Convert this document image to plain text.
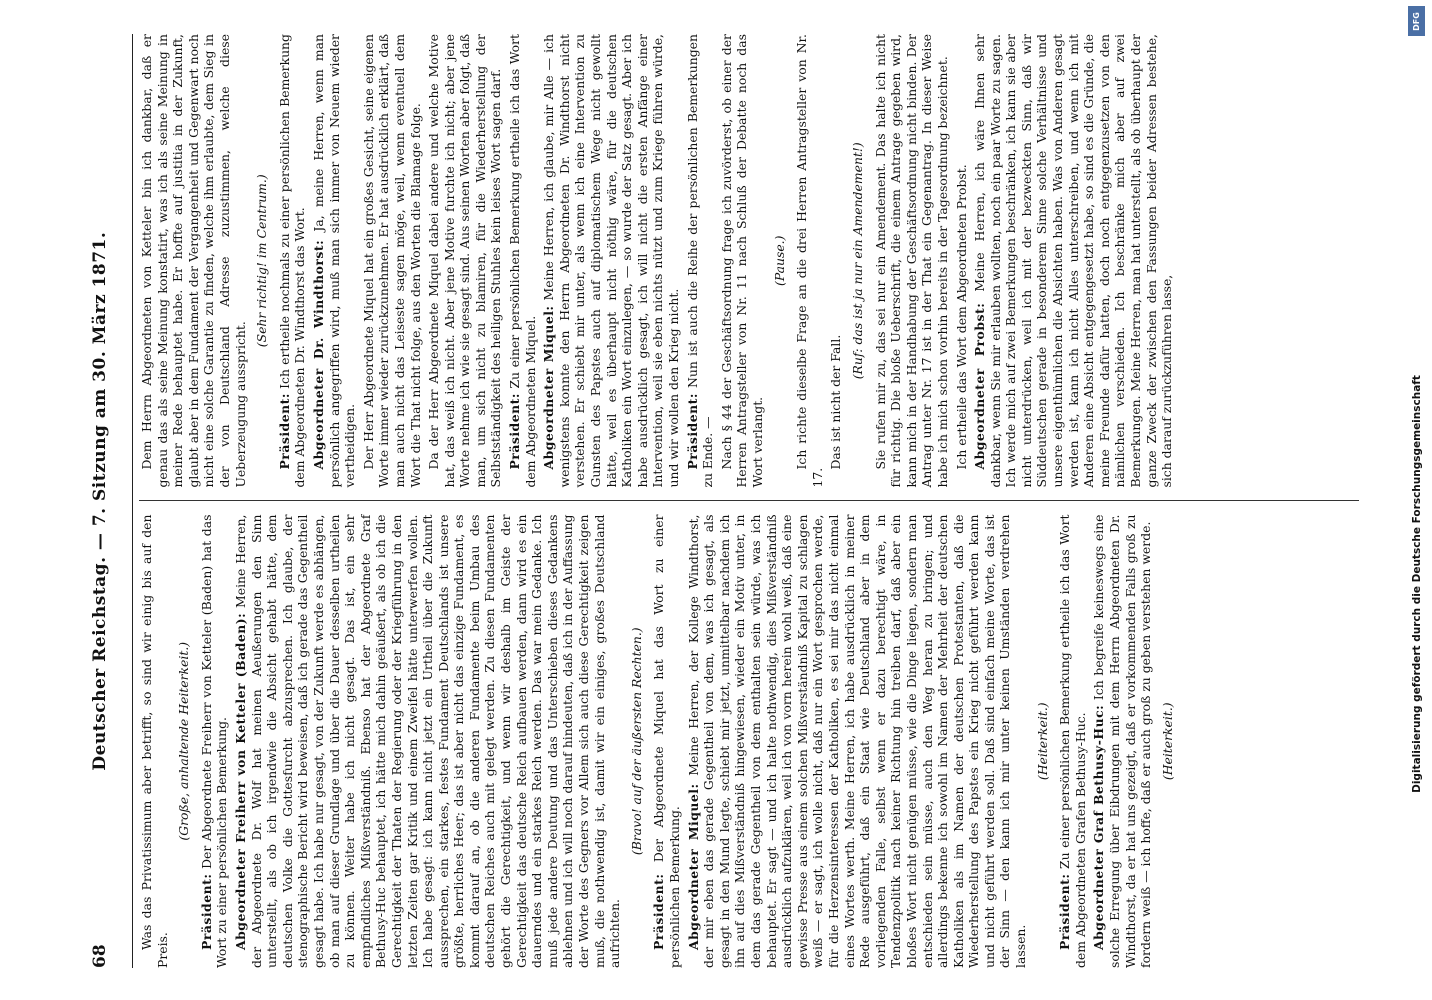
68
Deutscher Reichstag. — 7. Sitzung am 30. März 1871. Was das Privatissimum aber betrifft, so sind wir einig bis auf den Preis.

(Große, anhaltende Heiterkeit.)

Präsident: Der Abgeordnete Freiherr von Ketteler (Baden) hat das Wort zu einer persönlichen Bemerkung. Abgeordneter Freiherr von Ketteler (Baden): Meine Herren, der Abgeordnete Dr. Wolf hat meinen Aeußerungen den Sinn unterstellt, als ob ich irgendwie die Absicht gehabt hätte, dem deutschen Volke die Gottesfurcht abzusprechen. Ich glaube, der stenographische Bericht wird beweisen, daß ich gerade das Gegentheil gesagt habe. Ich habe nur gesagt, von der Zukunft werde es abhängen, ob man auf dieser Grundlage und über die Dauer desselben urtheilen zu können. Weiter habe ich nicht gesagt. Das ist, ein sehr empfindliches Mißverständniß. Ebenso hat der Abgeordnete Graf Bethusy-Huc behauptet, ich hätte mich dahin geäußert, als ob ich die Gerechtigkeit der Thaten der Regierung oder der Kriegführung in den letzten Zeiten gar Kritik und einem Zweifel hätte unterwerfen wollen. Ich habe gesagt: ich kann nicht jetzt ein Urtheil über die Zukunft aussprechen, ein starkes, festes Fundament Deutschlands ist unsere größte, herrliches Heer; das ist aber nicht das einzige Fundament, es kommt darauf an, ob die anderen Fundamente beim Umbau des deutschen Reiches auch mit gelegt werden. Zu diesen Fundamenten gehört die Gerechtigkeit, und wenn wir deshalb im Geiste der Gerechtigkeit das deutsche Reich aufbauen werden, dann wird es ein dauerndes und ein starkes Reich werden. Das war mein Gedanke. Ich muß jede andere Deutung und das Unterschieben dieses Gedankens ablehnen und ich will noch darauf hindeuten, daß ich in der Auffassung der Worte des Gegners vor Allem sich auch diese Gerechtigkeit zeigen muß, die nothwendig ist, damit wir ein einiges, großes Deutschland aufrichten.

(Bravo! auf der äußersten Rechten.)

Präsident: Der Abgeordnete Miquel hat das Wort zu einer persönlichen Bemerkung. Abgeordneter Miquel: Meine Herren, der Kollege Windthorst, der mir eben das gerade Gegentheil von dem, was ich gesagt, als gesagt in den Mund legte, schiebt mir jetzt, unmittelbar nachdem ich ihn auf dies Mißverständniß hingewiesen, wieder ein Motiv unter, in dem das gerade Gegentheil von dem enthalten sein würde, was ich behauptet. Er sagt — und ich halte nothwendig, dies Mißverständniß ausdrücklich aufzuklären, weil ich von vorn herein wohl weiß, daß eine gewisse Presse aus einem solchen Mißverständniß Kapital zu schlagen weiß — er sagt, ich wolle nicht, daß nur ein Wort gesprochen werde, für die Herzensinteressen der Katholiken, es sei mir das nicht einmal eines Wortes werth. Meine Herren, ich habe ausdrücklich in meiner Rede ausgeführt, daß ein Staat wie Deutschland aber in dem vorliegenden Falle, selbst wenn er dazu berechtigt wäre, in Tendenzpolitik nach keiner Richtung hin treiben darf, daß aber ein bloßes Wort nicht genügen müsse, wie die Dinge liegen, sondern man entschieden sein müsse, auch den Weg heran zu bringen; und allerdings bekenne ich sowohl im Namen der Mehrheit der deutschen Katholiken als im Namen der deutschen Protestanten, daß die Wiederherstellung des Papstes ein Krieg nicht geführt werden kann und nicht geführt werden soll. Daß sind einfach meine Worte, das ist der Sinn — den kann ich mir unter keinen Umständen verdrehen lassen.

(Heiterkeit.)

Präsident: Zu einer persönlichen Bemerkung ertheile ich das Wort dem Abgeordneten Grafen Bethusy-Huc. Abgeordneter Graf Bethusy-Huc: Ich begreife keineswegs eine solche Erregung über Eibdrungen mit dem Herrn Abgeordneten Dr. Windthorst, da er hat uns gezeigt, daß er vorkommenden Falls groß zu fordern weiß — ich hoffe, daß er auch groß zu geben verstehen werde. (Heiterkeit.)

Dem Herrn Abgeordneten von Ketteler bin ich dankbar, daß er genau das als seine Meinung konstatirt, was ich als seine Meinung in meiner Rede behauptet habe. Er hoffte auf justitia in der Zukunft, glaubt aber in dem Fundament der Vergangenheit und Gegenwart noch nicht eine solche Garantie zu finden, welche ihm erlaubte, dem Sieg in der von Deutschland Adresse zuzustimmen, welche diese Ueberzeugung ausspricht.

(Sehr richtig! im Centrum.)

Präsident: Ich ertheile nochmals zu einer persönlichen Bemerkung dem Abgeordneten Dr. Windthorst das Wort. Abgeordneter Dr. Windthorst: Ja, meine Herren, wenn man persönlich angegriffen wird, muß man sich immer von Neuem wieder vertheidigen. Der Herr Abgeordnete Miquel hat ein großes Gesicht, seine eigenen Worte immer wieder zurückzunehmen. Er hat ausdrücklich erklärt, daß man auch nicht das Leiseste sagen möge, weil, wenn eventuell dem Wort die That nicht folge, aus den Worten die Blamage folge. Da der Herr Abgeordnete Miquel dabei andere und welche Motive hat, das weiß ich nicht. Aber jene Motive furchte ich nicht; aber jene Worte nehme ich wie sie gesagt sind. Aus seinen Worten aber folgt, daß man, um sich nicht zu blamiren, für die Wiederherstellung der Selbstständigkeit des heiligen Stuhles kein leises Wort sagen darf. Präsident: Zu einer persönlichen Bemerkung ertheile ich das Wort dem Abgeordneten Miquel. Abgeordneter Miquel: Meine Herren, ich glaube, mir Alle — ich wenigstens konnte den Herrn Abgeordneten Dr. Windthorst nicht verstehen. Er schiebt mir unter, als wenn ich eine Intervention zu Gunsten des Papstes auch auf diplomatischem Wege nicht gewollt hätte, weil es überhaupt nicht nöthig wäre, für die deutschen Katholiken ein Wort einzulegen, — so wurde der Satz gesagt. Aber ich habe ausdrücklich gesagt, ich will nicht die ersten Anfänge einer Intervention, weil sie eben nichts nützt und zum Kriege führen würde, und wir wollen den Krieg nicht. Präsident: Nun ist auch die Reihe der persönlichen Bemerkungen zu Ende. — Nach § 44 der Geschäftsordnung frage ich zuvörderst, ob einer der Herren Antragsteller von Nr. 11 nach Schluß der Debatte noch das Wort verlangt.

(Pause.) Ich richte dieselbe Frage an die drei Herren Antragsteller von Nr. 17.

Das ist nicht der Fall.

(Ruf: das ist ja nur ein Amendement!) Sie rufen mir zu, das sei nur ein Amendement. Das halte ich nicht für richtig. Die bloße Ueberschrift, die einem Antrage gegeben wird, kann mich in der Handhabung der Geschäftsordnung nicht binden. Der Antrag unter Nr. 17 ist in der That ein Gegenantrag. In dieser Weise habe ich mich schon vorhin bereits in der Tagesordnung bezeichnet. Ich ertheile das Wort dem Abgeordneten Probst. Abgeordneter Probst: Meine Herren, ich wäre Ihnen sehr dankbar, wenn Sie mir erlauben wollten, noch ein paar Worte zu sagen. Ich werde mich auf zwei Bemerkungen beschränken, ich kann sie aber nicht unterdrücken, weil ich mit der bezweckten Sinn, daß wir Süddeutschen gerade in besonderem Sinne solche Verhältnisse und unsere eigenthümlichen die Absichten haben. Was von Anderen gesagt werden ist, kann ich nicht Alles unterschreiben, und wenn ich mit Anderen eine Absicht entgegengesetzt habe, so sind es die Gründe, die meine Freunde dafür hatten, doch noch entgegenzusetzen von den nämlichen verschieden. Ich beschränke mich aber auf zwei Bemerkungen. Meine Herren, man hat unterstellt, als ob überhaupt der ganze Zweck der zwischen den Fassungen beider Adressen bestehe, sich darauf zurückzuführen lasse,

DFG
Digitalisierung gefördert durch die Deutsche Forschungsgemeinschaft
